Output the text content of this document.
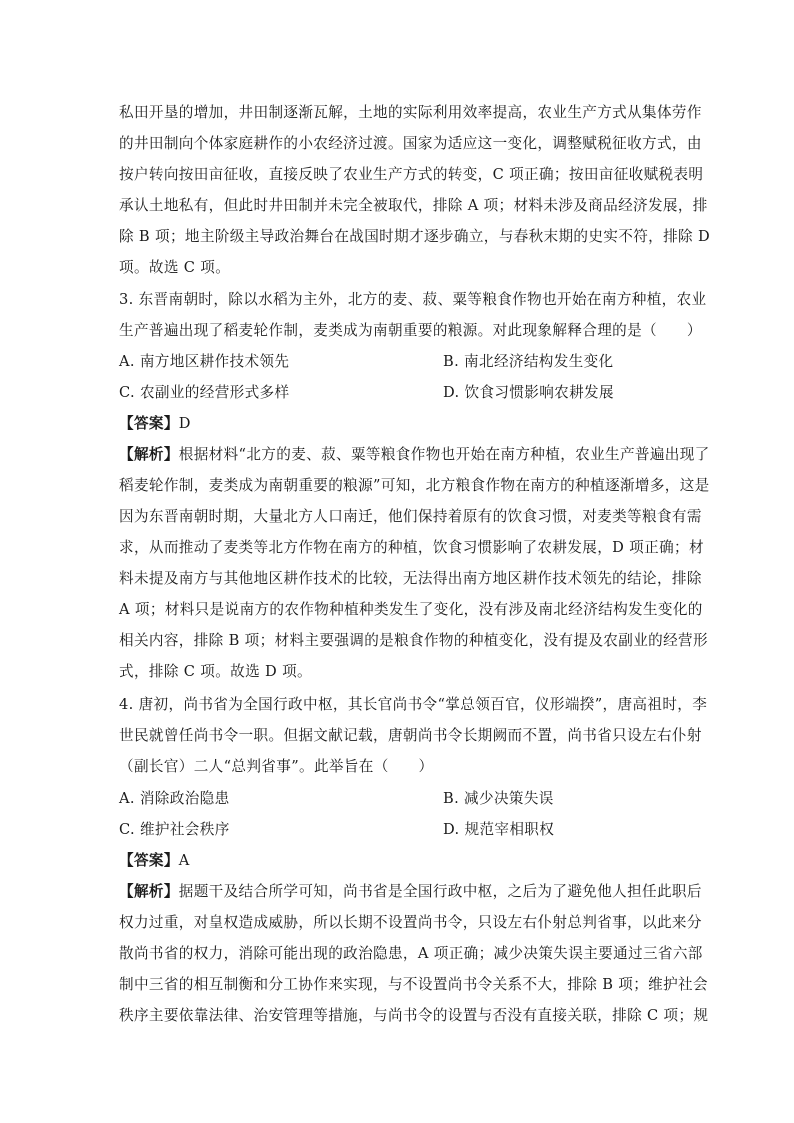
私田开垦的增加，井田制逐渐瓦解，土地的实际利用效率提高，农业生产方式从集体劳作
的井田制向个体家庭耕作的小农经济过渡。国家为适应这一变化，调整赋税征收方式，由
按户转向按田亩征收，直接反映了农业生产方式的转变，C 项正确；按田亩征收赋税表明
承认土地私有，但此时井田制并未完全被取代，排除 A 项；材料未涉及商品经济发展，排
除 B 项；地主阶级主导政治舞台在战国时期才逐步确立，与春秋末期的史实不符，排除 D
项。故选 C 项。
3. 东晋南朝时，除以水稻为主外，北方的麦、菽、粟等粮食作物也开始在南方种植，农业
生产普遍出现了稻麦轮作制，麦类成为南朝重要的粮源。对此现象解释合理的是（　　）
A. 南方地区耕作技术领先	B. 南北经济结构发生变化
C. 农副业的经营形式多样	D. 饮食习惯影响农耕发展
【答案】D
【解析】根据材料“北方的麦、菽、粟等粮食作物也开始在南方种植，农业生产普遍出现了
稻麦轮作制，麦类成为南朝重要的粮源”可知，北方粮食作物在南方的种植逐渐增多，这是
因为东晋南朝时期，大量北方人口南迁，他们保持着原有的饮食习惯，对麦类等粮食有需
求，从而推动了麦类等北方作物在南方的种植，饮食习惯影响了农耕发展，D 项正确；材
料未提及南方与其他地区耕作技术的比较，无法得出南方地区耕作技术领先的结论，排除
A 项；材料只是说南方的农作物种植种类发生了变化，没有涉及南北经济结构发生变化的
相关内容，排除 B 项；材料主要强调的是粮食作物的种植变化，没有提及农副业的经营形
式，排除 C 项。故选 D 项。
4. 唐初，尚书省为全国行政中枢，其长官尚书令“掌总领百官，仪形端揆”，唐高祖时，李
世民就曾任尚书令一职。但据文献记载，唐朝尚书令长期阙而不置，尚书省只设左右仆射
（副长官）二人“总判省事”。此举旨在（　　）
A. 消除政治隐患	B. 减少决策失误
C. 维护社会秩序	D. 规范宰相职权
【答案】A
【解析】据题干及结合所学可知，尚书省是全国行政中枢，之后为了避免他人担任此职后
权力过重，对皇权造成威胁，所以长期不设置尚书令，只设左右仆射总判省事，以此来分
散尚书省的权力，消除可能出现的政治隐患，A 项正确；减少决策失误主要通过三省六部
制中三省的相互制衡和分工协作来实现，与不设置尚书令关系不大，排除 B 项；维护社会
秩序主要依靠法律、治安管理等措施，与尚书令的设置与否没有直接关联，排除 C 项；规
